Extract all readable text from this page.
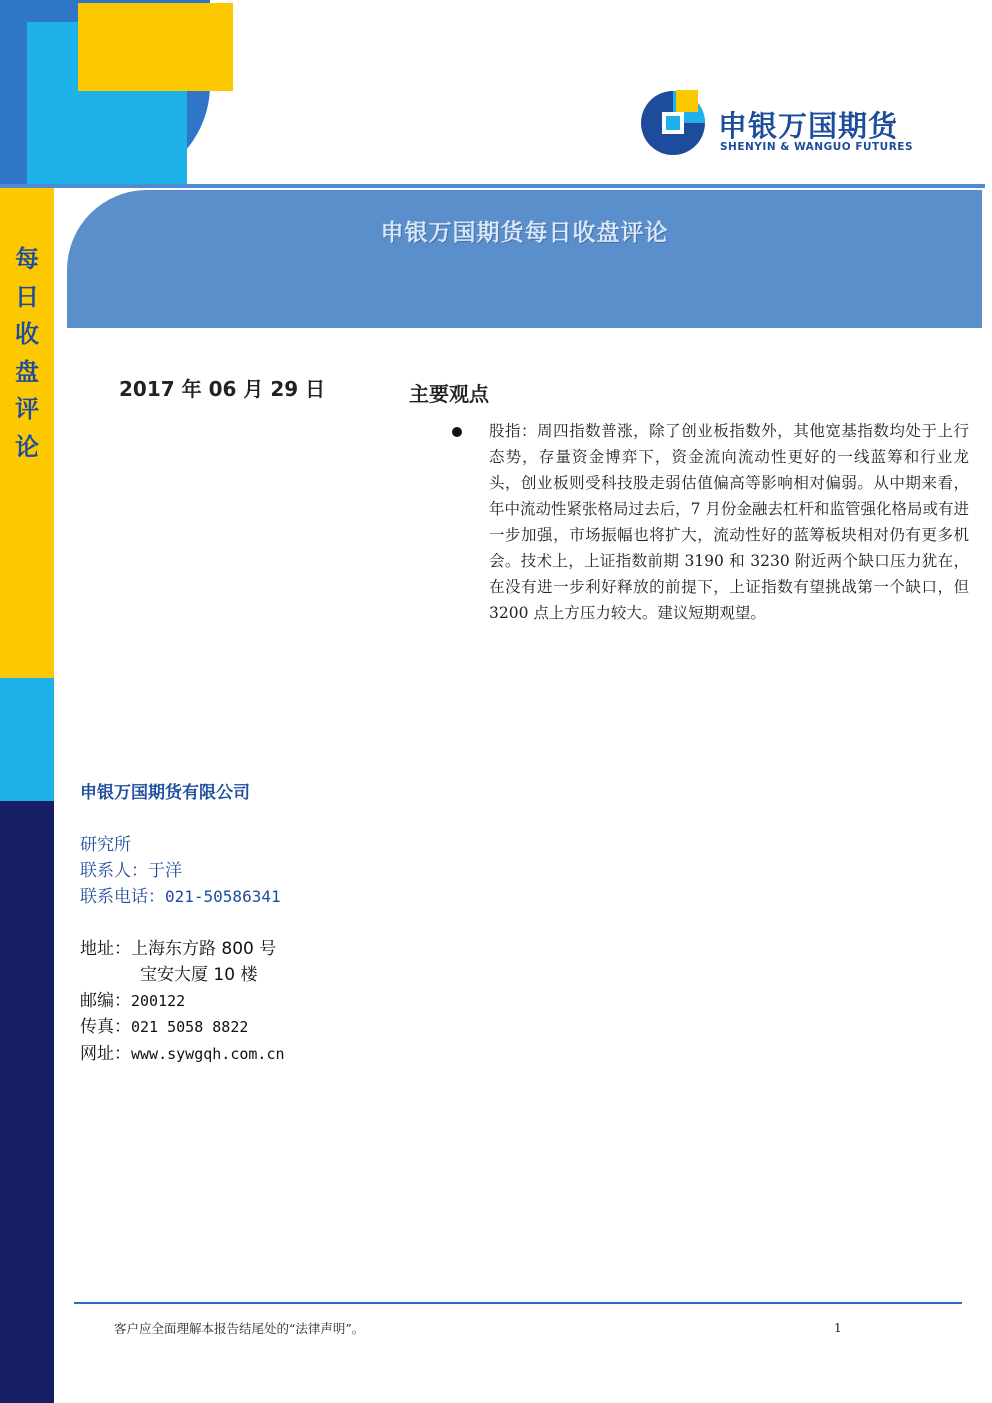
申银万国期货
SHENYIN & WANGUO FUTURES
每
日
收
盘
评
论
申银万国期货每日收盘评论
2017 年 06 月 29 日	主要观点
股指：周四指数普涨，除了创业板指数外，其他宽基指数均处于上行态势，存量资金博弈下，资金流向流动性更好的一线蓝筹和行业龙头，创业板则受科技股走弱估值偏高等影响相对偏弱。从中期来看，年中流动性紧张格局过去后，7 月份金融去杠杆和监管强化格局或有进一步加强，市场振幅也将扩大，流动性好的蓝筹板块相对仍有更多机会。技术上，上证指数前期 3190 和 3230 附近两个缺口压力犹在，在没有进一步利好释放的前提下，上证指数有望挑战第一个缺口，但 3200 点上方压力较大。建议短期观望。
申银万国期货有限公司
研究所
联系人：于洋
联系电话：021-50586341
地址：上海东方路 800 号
宝安大厦 10 楼
邮编：200122
传真：021 5058 8822
网址：www.sywgqh.com.cn
客户应全面理解本报告结尾处的“法律声明”。	1
